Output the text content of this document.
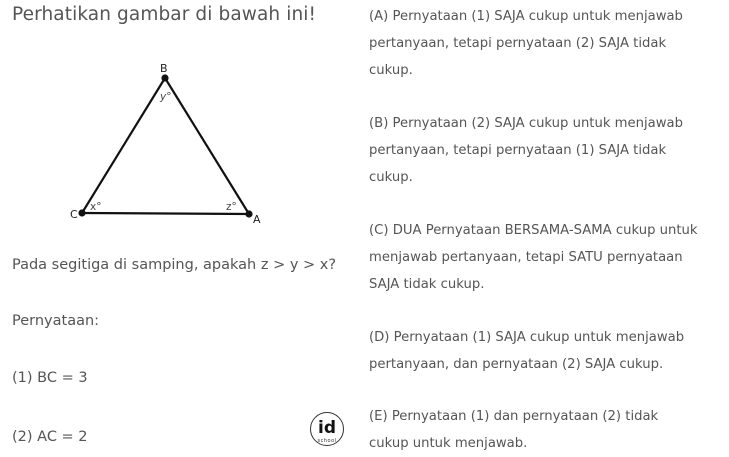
Perhatikan gambar di bawah ini!
B
C	A
y°
x°	z°
Pada segitiga di samping, apakah z > y > x?
Pernyataan:
(1) BC = 3
(2) AC = 2	id
school
(A) Pernyataan (1) SAJA cukup untuk menjawab
pertanyaan, tetapi pernyataan (2) SAJA tidak
cukup.
(B) Pernyataan (2) SAJA cukup untuk menjawab
pertanyaan, tetapi pernyataan (1) SAJA tidak
cukup.
(C) DUA Pernyataan BERSAMA-SAMA cukup untuk
menjawab pertanyaan, tetapi SATU pernyataan
SAJA tidak cukup.
(D) Pernyataan (1) SAJA cukup untuk menjawab
pertanyaan, dan pernyataan (2) SAJA cukup.
(E) Pernyataan (1) dan pernyataan (2) tidak
cukup untuk menjawab.
